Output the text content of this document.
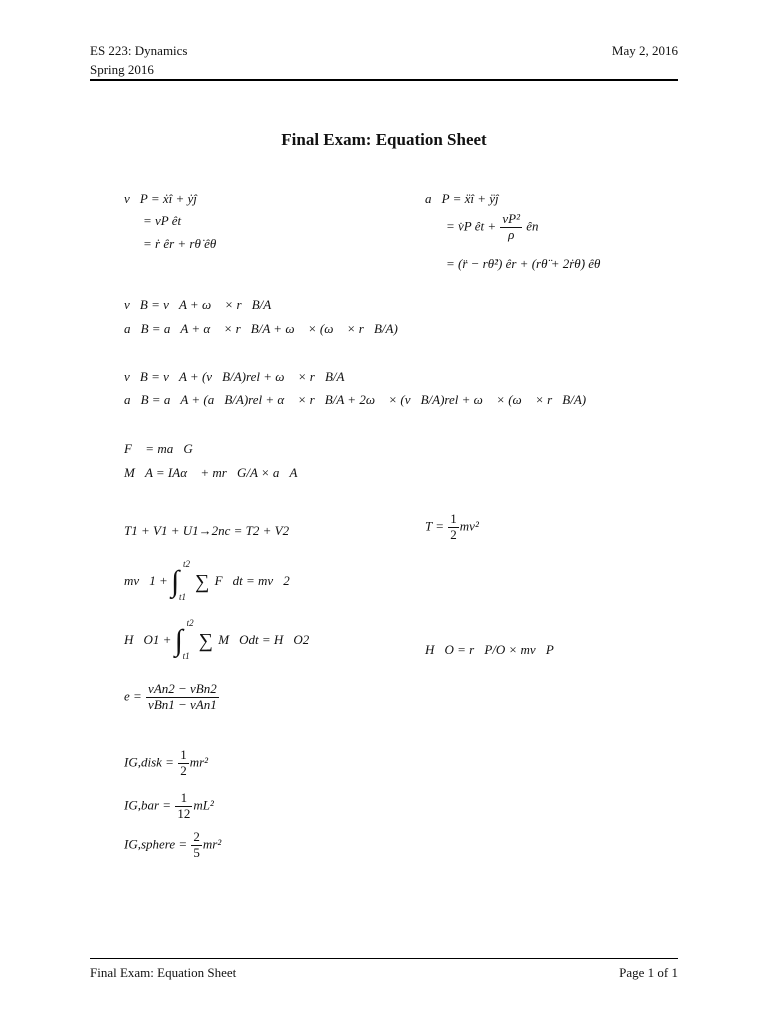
ES 223: Dynamics
Spring 2016
May 2, 2016
Final Exam: Equation Sheet
v⃗P = ẋî + ẏĵ
= vP êt
= ṙ êr + rθ̇ êθ
a⃗P = ẍî + ÿĵ
= v̇P êt + $\frac{\text{vP²}}{\rho}$ ên
= (r̈ − rθ̇²) êr + (rθ̈ + 2ṙθ̇) êθ
v⃗B = v⃗A + ω⃗ × r⃗B/A
a⃗B = a⃗A + α⃗ × r⃗B/A + ω⃗ × (ω⃗ × r⃗B/A)
v⃗B = v⃗A + (v⃗B/A)rel + ω⃗ × r⃗B/A
a⃗B = a⃗A + (a⃗B/A)rel + α⃗ × r⃗B/A + 2ω⃗ × (v⃗B/A)rel + ω⃗ × (ω⃗ × r⃗B/A)
F⃗ = ma⃗G
M⃗A = IAα⃗ + mr⃗G/A × a⃗A
T1 + V1 + U1→2nc = T2 + V2	$T = \frac{1}{2} mv^2$
mv⃗1 + ∫
t2
t1
∑ F⃗dt = mv⃗2
H⃗O1 + ∫
t2
t1
∑ M⃗Odt = H⃗O2
H⃗O = r⃗P/O × mv⃗P
$e = \frac{\text{vAn2 − vBn2}}{\text{vBn1 − vAn1}}$
IG,disk = $\frac{1}{2} mr^2$
$IG,bar = \frac{1}{12} mL^2$
IG,sphere = $\frac{2}{5} mr^2$
Final Exam: Equation Sheet	Page 1 of 1
